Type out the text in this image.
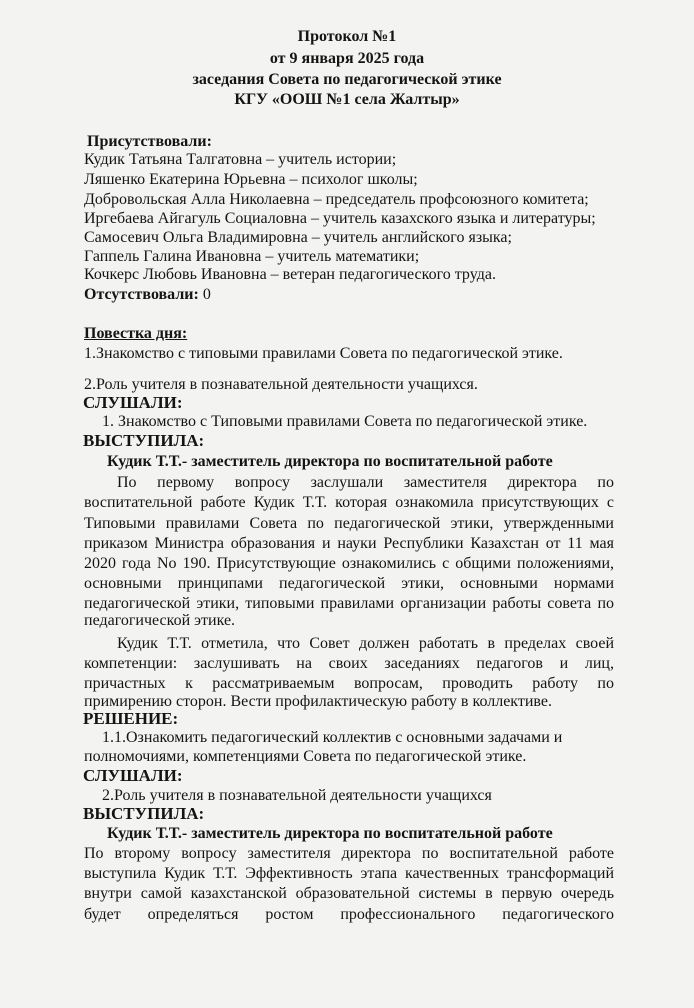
Протокол №1
от 9 января 2025 года
заседания Совета по педагогической этике
КГУ «ООШ №1 села Жалтыр»
Присутствовали:
Кудик Татьяна Талгатовна – учитель истории;
Ляшенко Екатерина Юрьевна – психолог школы;
Добровольская Алла Николаевна – председатель профсоюзного комитета;
Иргебаева Айгагуль Социаловна – учитель казахского языка и литературы;
Самосевич Ольга Владимировна – учитель английского языка;
Гаппель Галина Ивановна – учитель математики;
Кочкерс Любовь Ивановна – ветеран педагогического труда.
Отсутствовали: 0
Повестка дня:
1.Знакомство с типовыми правилами Совета по педагогической этике.
2.Роль учителя в познавательной деятельности учащихся.
СЛУШАЛИ:
1. Знакомство с Типовыми правилами Совета по педагогической этике.
ВЫСТУПИЛА:
Кудик Т.Т.- заместитель директора по воспитательной работе
По первому вопросу заслушали заместителя директора по
воспитательной работе Кудик Т.Т. которая ознакомила присутствующих с
Типовыми правилами Совета по педагогической этики, утвержденными
приказом Министра образования и науки Республики Казахстан от 11 мая
2020 года No 190. Присутствующие ознакомились с общими положениями,
основными принципами педагогической этики, основными нормами
педагогической этики, типовыми правилами организации работы совета по
педагогической этике.
Кудик Т.Т. отметила, что Совет должен работать в пределах своей
компетенции: заслушивать на своих заседаниях педагогов и лиц,
причастных к рассматриваемым вопросам, проводить работу по
примирению сторон. Вести профилактическую работу в коллективе.
РЕШЕНИЕ:
1.1.Ознакомить педагогический коллектив с основными задачами и
полномочиями, компетенциями Совета по педагогической этике.
СЛУШАЛИ:
2.Роль учителя в познавательной деятельности учащихся
ВЫСТУПИЛА:
Кудик Т.Т.- заместитель директора по воспитательной работе
По второму вопросу заместителя директора по воспитательной работе
выступила Кудик Т.Т. Эффективность этапа качественных трансформаций
внутри самой казахстанской образовательной системы в первую очередь
будет определяться ростом профессионального педагогического
